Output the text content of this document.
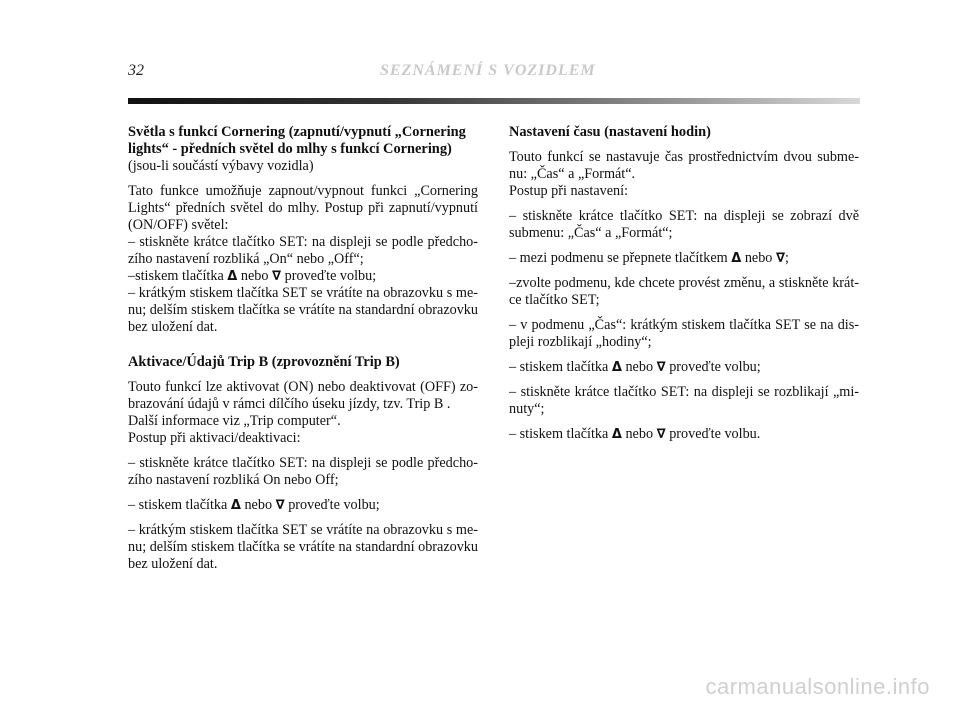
32	SEZNÁMENÍ S VOZIDLEM
Světla s funkcí Cornering (zapnutí/vypnutí „Cornering lights“ - předních světel do mlhy s funkcí Cornering)

(jsou-li součástí výbavy vozidla)

Tato funkce umožňuje zapnout/vypnout funkci „Cornering Lights“ předních světel do mlhy. Postup při zapnutí/vypnutí (ON/OFF) světel:

– stiskněte krátce tlačítko SET: na displeji se podle předchozího nastavení rozbliká „On“ nebo „Off“;

–stiskem tlačítka Δ nebo ∇ proveďte volbu;

– krátkým stiskem tlačítka SET se vrátíte na obrazovku s menu; delším stiskem tlačítka se vrátíte na standardní obrazovku bez uložení dat.

Aktivace/Údajů Trip B (zprovoznění Trip B)

Touto funkcí lze aktivovat (ON) nebo deaktivovat (OFF) zobrazování údajů v rámci dílčího úseku jízdy, tzv. Trip B .

Další informace viz „Trip computer“.

Postup při aktivaci/deaktivaci:

– stiskněte krátce tlačítko SET: na displeji se podle předchozího nastavení rozbliká On nebo Off;

– stiskem tlačítka Δ nebo ∇ proveďte volbu;

– krátkým stiskem tlačítka SET se vrátíte na obrazovku s menu; delším stiskem tlačítka se vrátíte na standardní obrazovku bez uložení dat.

Nastavení času (nastavení hodin)

Touto funkcí se nastavuje čas prostřednictvím dvou submenu: „Čas“ a „Formát“.

Postup při nastavení:

– stiskněte krátce tlačítko SET: na displeji se zobrazí dvě submenu: „Čas“ a „Formát“;

– mezi podmenu se přepnete tlačítkem Δ nebo ∇;

–zvolte podmenu, kde chcete provést změnu, a stiskněte krátce tlačítko SET;

– v podmenu „Čas“: krátkým stiskem tlačítka SET se na displeji rozblikají „hodiny“;

– stiskem tlačítka Δ nebo ∇ proveďte volbu;

– stiskněte krátce tlačítko SET: na displeji se rozblikají „minuty“;

– stiskem tlačítka Δ nebo ∇ proveďte volbu.

carmanualsonline.info
